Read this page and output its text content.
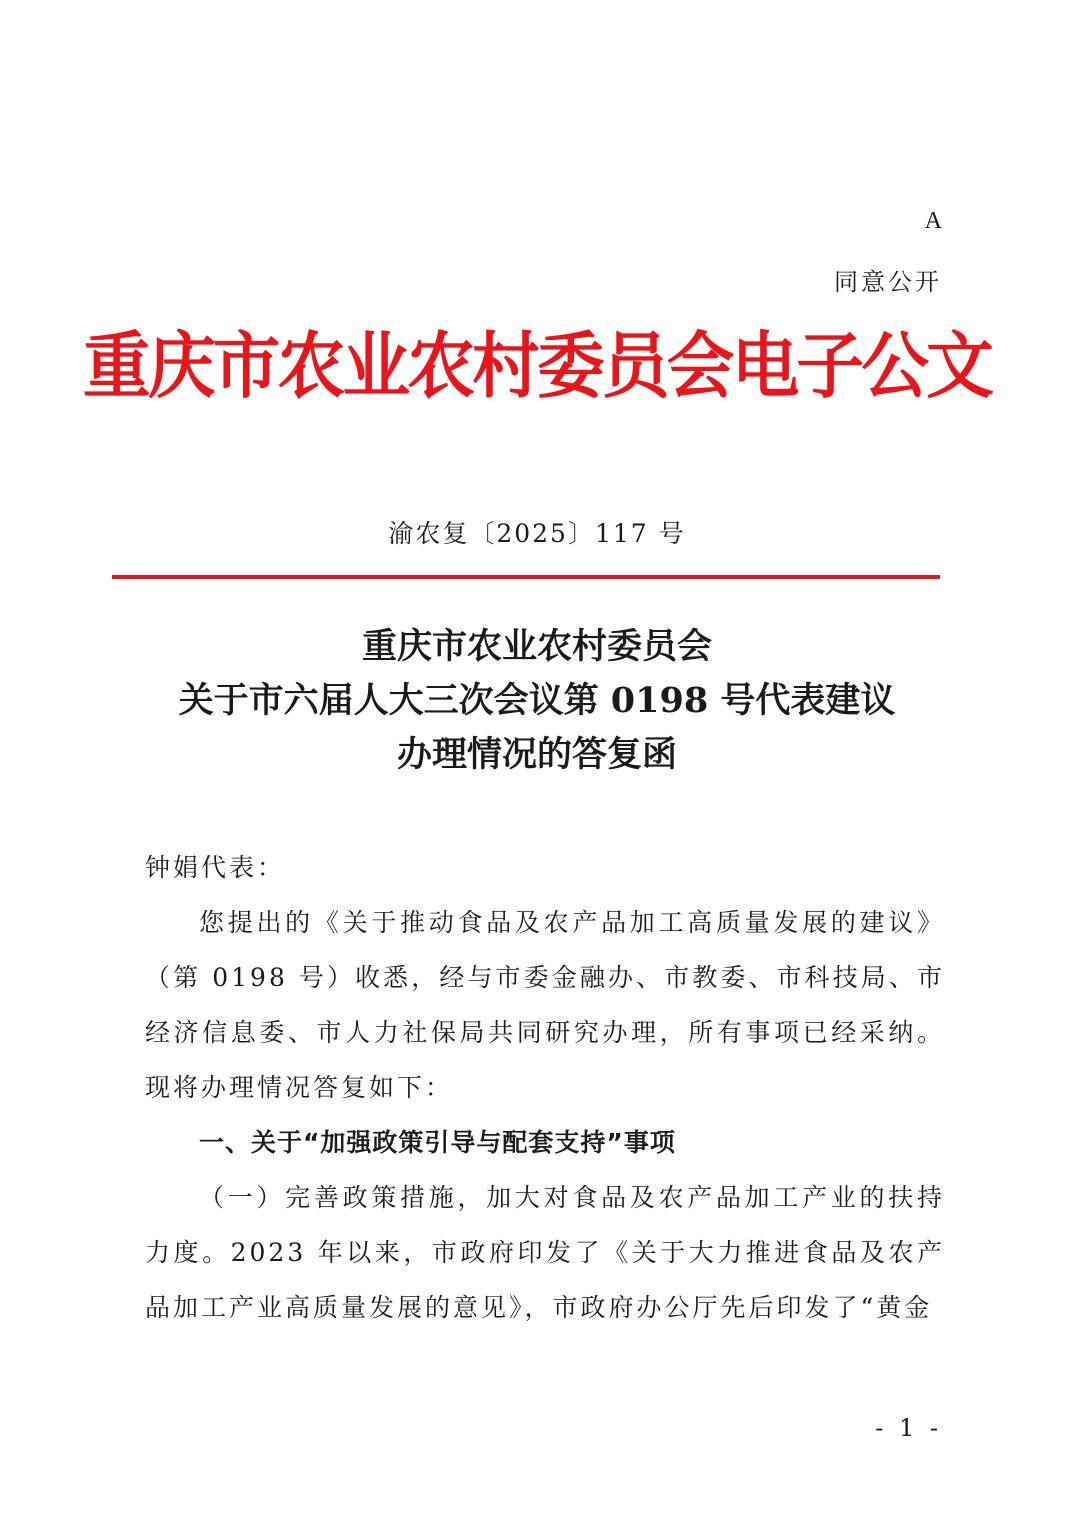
A
同意公开
重庆市农业农村委员会电子公文
渝农复〔2025〕117 号
重庆市农业农村委员会
关于市六届人大三次会议第 0198 号代表建议
办理情况的答复函

钟娟代表：

您提出的《关于推动食品及农产品加工高质量发展的建议》（第 0198 号）收悉，经与市委金融办、市教委、市科技局、市经济信息委、市人力社保局共同研究办理，所有事项已经采纳。现将办理情况答复如下：

一、关于“加强政策引导与配套支持”事项

（一）完善政策措施，加大对食品及农产品加工产业的扶持力度。2023 年以来，市政府印发了《关于大力推进食品及农产品加工产业高质量发展的意见》，市政府办公厅先后印发了“黄金

- 1 -
